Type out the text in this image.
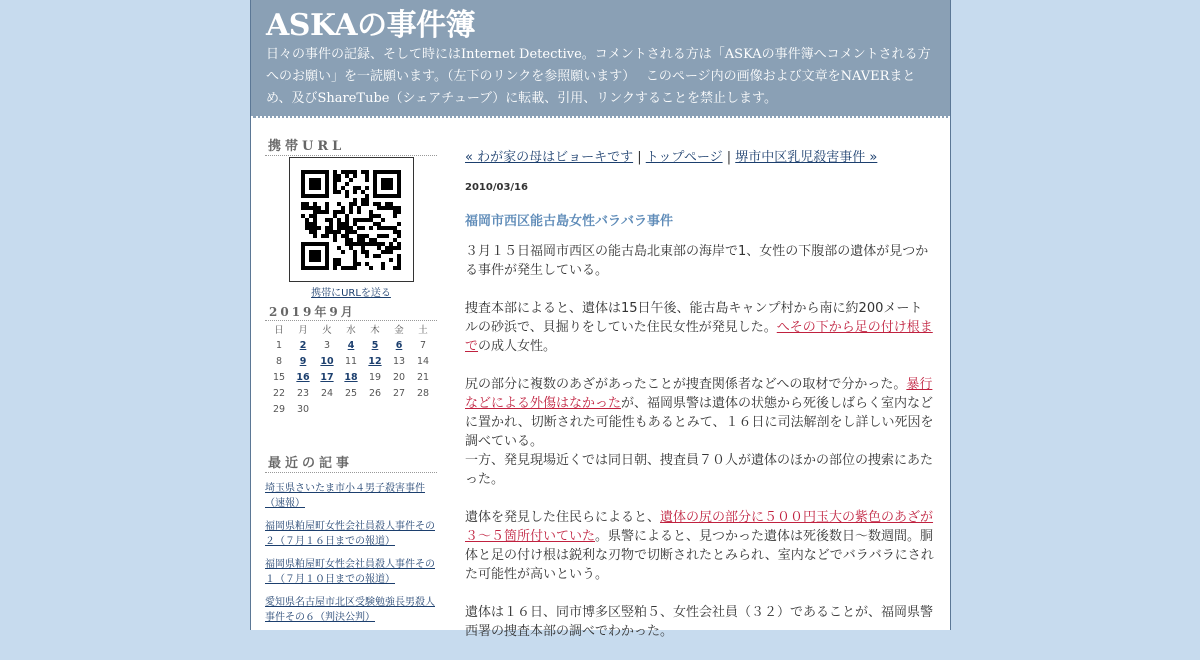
ASKAの事件簿

日々の事件の記録、そして時にはInternet Detective。コメントされる方は「ASKAの事件簿へコメントされる方へのお願い」を一読願います。（左下のリンクを参照願います）　 このページ内の画像および文章をNAVERまとめ、及びShareTube（シェアチューブ）に転載、引用、リンクすることを禁止します。

携帯URL
携帯にURLを送る
2019年9月
日	月	火	水	木	金	土
1	2	3	4	5	6	7
8	9	10	11	12	13	14
15	16	17	18	19	20	21
22	23	24	25	26	27	28
29	30					
最近の記事
埼玉県さいたま市小４男子殺害事件（速報）
福岡県粕屋町女性会社員殺人事件その２（７月１６日までの報道）
福岡県粕屋町女性会社員殺人事件その１（７月１０日までの報道）
愛知県名古屋市北区受験勉強長男殺人事件その６（判決公判）
« わが家の母はビョーキです | トップページ | 堺市中区乳児殺害事件 »
2010/03/16
福岡市西区能古島女性バラバラ事件

３月１５日福岡市西区の能古島北東部の海岸で1、女性の下腹部の遺体が見つかる事件が発生している。

捜査本部によると、遺体は15日午後、能古島キャンプ村から南に約200メートルの砂浜で、貝掘りをしていた住民女性が発見した。へその下から足の付け根までの成人女性。

尻の部分に複数のあざがあったことが捜査関係者などへの取材で分かった。暴行などによる外傷はなかったが、福岡県警は遺体の状態から死後しばらく室内などに置かれ、切断された可能性もあるとみて、１６日に司法解剖をし詳しい死因を調べている。

一方、発見現場近くでは同日朝、捜査員７０人が遺体のほかの部位の捜索にあたった。

遺体を発見した住民らによると、遺体の尻の部分に５００円玉大の紫色のあざが３～５箇所付いていた。県警によると、見つかった遺体は死後数日～数週間。胴体と足の付け根は鋭利な刃物で切断されたとみられ、室内などでバラバラにされた可能性が高いという。

遺体は１６日、同市博多区竪粕５、女性会社員（３２）であることが、福岡県警西署の捜査本部の調べでわかった。
